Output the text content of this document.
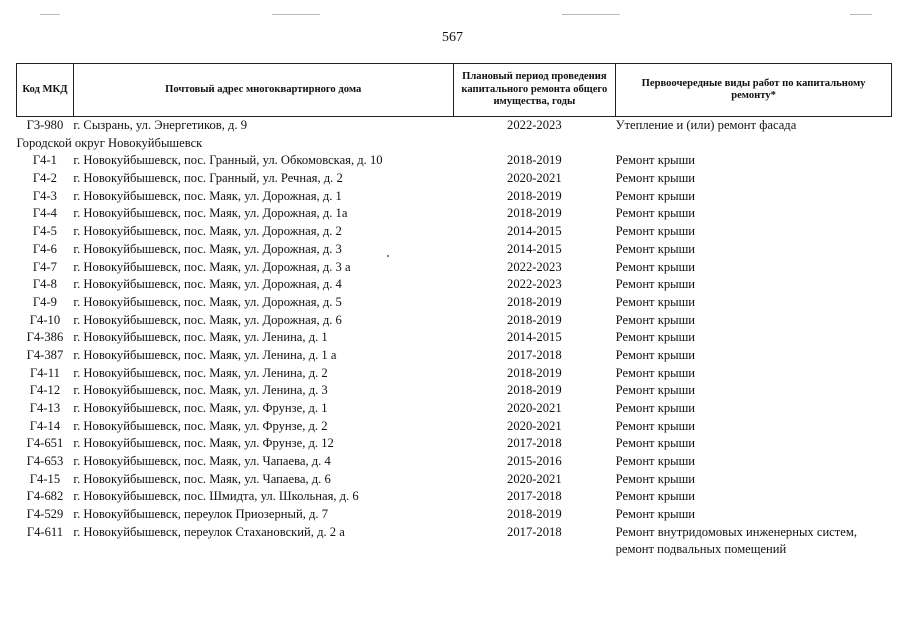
567
Код МКД	Почтовый адрес многоквартирного дома	Плановый период проведения капитального ремонта общего имущества, годы	Первоочередные виды работ по капитальному ремонту*
Г3-980	г. Сызрань, ул. Энергетиков, д. 9	2022-2023	Утепление и (или) ремонт фасада
Городской округ Новокуйбышевск			
Г4-1	г. Новокуйбышевск, пос. Гранный, ул. Обкомовская, д. 10	2018-2019	Ремонт крыши
Г4-2	г. Новокуйбышевск, пос. Гранный, ул. Речная, д. 2	2020-2021	Ремонт крыши
Г4-3	г. Новокуйбышевск, пос. Маяк, ул. Дорожная, д. 1	2018-2019	Ремонт крыши
Г4-4	г. Новокуйбышевск, пос. Маяк, ул. Дорожная, д. 1а	2018-2019	Ремонт крыши
Г4-5	г. Новокуйбышевск, пос. Маяк, ул. Дорожная, д. 2	2014-2015	Ремонт крыши
Г4-6	г. Новокуйбышевск, пос. Маяк, ул. Дорожная, д. 3	2014-2015	Ремонт крыши
Г4-7	г. Новокуйбышевск, пос. Маяк, ул. Дорожная, д. 3 а	2022-2023	Ремонт крыши
Г4-8	г. Новокуйбышевск, пос. Маяк, ул. Дорожная, д. 4	2022-2023	Ремонт крыши
Г4-9	г. Новокуйбышевск, пос. Маяк, ул. Дорожная, д. 5	2018-2019	Ремонт крыши
Г4-10	г. Новокуйбышевск, пос. Маяк, ул. Дорожная, д. 6	2018-2019	Ремонт крыши
Г4-386	г. Новокуйбышевск, пос. Маяк, ул. Ленина, д. 1	2014-2015	Ремонт крыши
Г4-387	г. Новокуйбышевск, пос. Маяк, ул. Ленина, д. 1 а	2017-2018	Ремонт крыши
Г4-11	г. Новокуйбышевск, пос. Маяк, ул. Ленина, д. 2	2018-2019	Ремонт крыши
Г4-12	г. Новокуйбышевск, пос. Маяк, ул. Ленина, д. 3	2018-2019	Ремонт крыши
Г4-13	г. Новокуйбышевск, пос. Маяк, ул. Фрунзе, д. 1	2020-2021	Ремонт крыши
Г4-14	г. Новокуйбышевск, пос. Маяк, ул. Фрунзе, д. 2	2020-2021	Ремонт крыши
Г4-651	г. Новокуйбышевск, пос. Маяк, ул. Фрунзе, д. 12	2017-2018	Ремонт крыши
Г4-653	г. Новокуйбышевск, пос. Маяк, ул. Чапаева, д. 4	2015-2016	Ремонт крыши
Г4-15	г. Новокуйбышевск, пос. Маяк, ул. Чапаева, д. 6	2020-2021	Ремонт крыши
Г4-682	г. Новокуйбышевск, пос. Шмидта, ул. Школьная, д. 6	2017-2018	Ремонт крыши
Г4-529	г. Новокуйбышевск, переулок Приозерный, д. 7	2018-2019	Ремонт крыши
Г4-611	г. Новокуйбышевск, переулок Стахановский, д. 2 а	2017-2018	Ремонт внутридомовых инженерных систем,
ремонт подвальных помещений
